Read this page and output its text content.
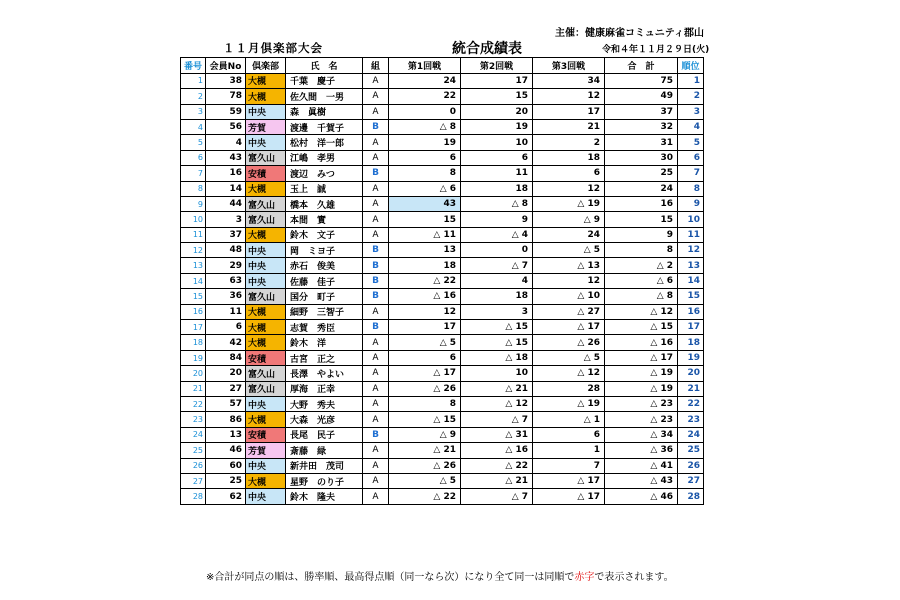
主催：健康麻雀コミュニティ郡山
１１月倶楽部大会	統合成績表	令和４年１１月２９日(火)
番号	会員No	倶楽部	氏　名	組	第1回戦	第2回戦	第3回戦	合　計	順位
1	38	大槻	千葉　慶子	A	24	17	34	75	1
2	78	大槻	佐久間　一男	A	22	15	12	49	2
3	59	中央	森　眞樹	A	0	20	17	37	3
4	56	芳賀	渡邊　千賀子	B	△ 8	19	21	32	4
5	4	中央	松村　洋一郎	A	19	10	2	31	5
6	43	富久山	江嶋　孝男	A	6	6	18	30	6
7	16	安積	渡辺　みつ	B	8	11	6	25	7
8	14	大槻	玉上　誠	A	△ 6	18	12	24	8
9	44	富久山	橋本　久雄	A	43	△ 8	△ 19	16	9
10	3	富久山	本間　實	A	15	9	△ 9	15	10
11	37	大槻	鈴木　文子	A	△ 11	△ 4	24	9	11
12	48	中央	岡　ミヨ子	B	13	0	△ 5	8	12
13	29	中央	赤石　俊美	B	18	△ 7	△ 13	△ 2	13
14	63	中央	佐藤　佳子	B	△ 22	4	12	△ 6	14
15	36	富久山	国分　町子	B	△ 16	18	△ 10	△ 8	15
16	11	大槻	細野　三智子	A	12	3	△ 27	△ 12	16
17	6	大槻	志賀　秀臣	B	17	△ 15	△ 17	△ 15	17
18	42	大槻	鈴木　洋	A	△ 5	△ 15	△ 26	△ 16	18
19	84	安積	古宮　正之	A	6	△ 18	△ 5	△ 17	19
20	20	富久山	長澤　やよい	A	△ 17	10	△ 12	△ 19	20
21	27	富久山	厚海　正幸	A	△ 26	△ 21	28	△ 19	21
22	57	中央	大野　秀夫	A	8	△ 12	△ 19	△ 23	22
23	86	大槻	大森　光彦	A	△ 15	△ 7	△ 1	△ 23	23
24	13	安積	長尾　民子	B	△ 9	△ 31	6	△ 34	24
25	46	芳賀	斎藤　緑	A	△ 21	△ 16	1	△ 36	25
26	60	中央	新井田　茂司	A	△ 26	△ 22	7	△ 41	26
27	25	大槻	星野　のり子	A	△ 5	△ 21	△ 17	△ 43	27
28	62	中央	鈴木　隆夫	A	△ 22	△ 7	△ 17	△ 46	28
※合計が同点の順は、勝率順、最高得点順（同一なら次）になり全て同一は同順で赤字で表示されます。
